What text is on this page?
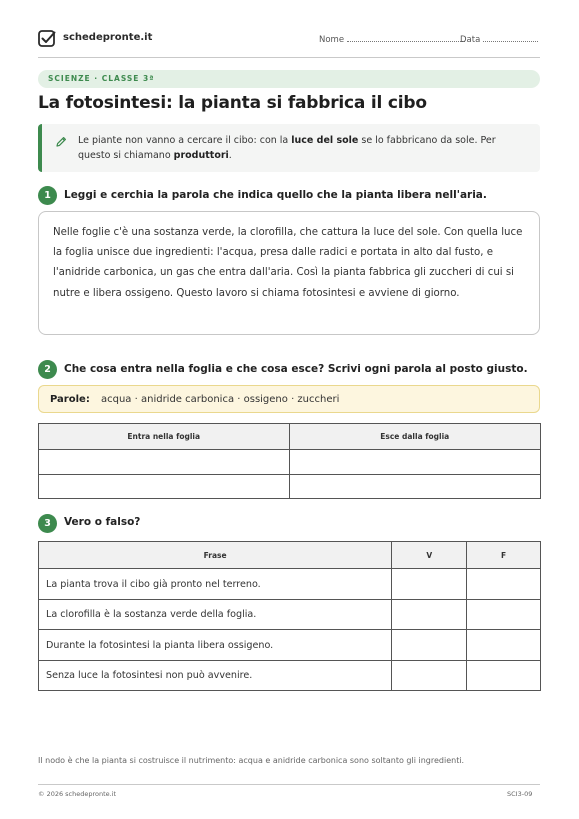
schedepronte.it	Nome	Data
SCIENZE · CLASSE 3ª
La fotosintesi: la pianta si fabbrica il cibo
Le piante non vanno a cercare il cibo: con la luce del sole se lo fabbricano da sole. Per questo si chiamano produttori.
1	Leggi e cerchia la parola che indica quello che la pianta libera nell'aria.
Nelle foglie c'è una sostanza verde, la clorofilla, che cattura la luce del sole. Con quella luce la foglia unisce due ingredienti: l'acqua, presa dalle radici e portata in alto dal fusto, e l'anidride carbonica, un gas che entra dall'aria. Così la pianta fabbrica gli zuccheri di cui si nutre e libera ossigeno. Questo lavoro si chiama fotosintesi e avviene di giorno.
2	Che cosa entra nella foglia e che cosa esce? Scrivi ogni parola al posto giusto.
Parole: acqua · anidride carbonica · ossigeno · zuccheri
Entra nella foglia	Esce dalla foglia

3	Vero o falso?
Frase	V	F
La pianta trova il cibo già pronto nel terreno.		
La clorofilla è la sostanza verde della foglia.		
Durante la fotosintesi la pianta libera ossigeno.		
Senza luce la fotosintesi non può avvenire.		
Il nodo è che la pianta si costruisce il nutrimento: acqua e anidride carbonica sono soltanto gli ingredienti.
© 2026 schedepronte.it	SCI3-09
